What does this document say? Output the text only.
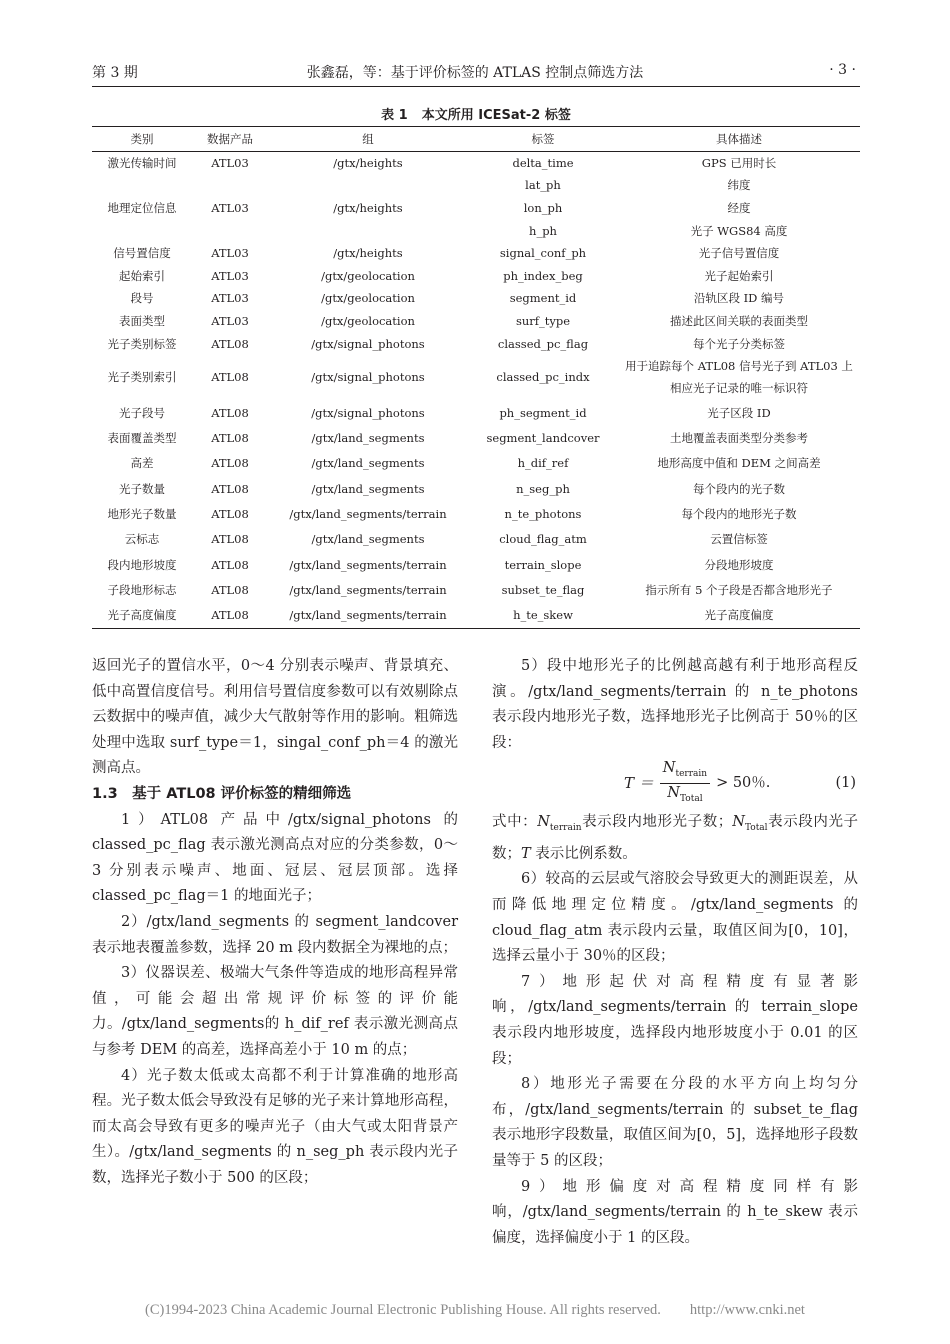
第 3 期	张鑫磊，等：基于评价标签的 ATLAS 控制点筛选方法	· 3 ·
表 1 本文所用 ICESat-2 标签
类别	数据产品	组	标签	具体描述
激光传输时间	ATL03	/gtx/heights	delta_time	GPS 已用时长
			lat_ph	纬度
地理定位信息	ATL03	/gtx/heights	lon_ph	经度
			h_ph	光子 WGS84 高度
信号置信度	ATL03	/gtx/heights	signal_conf_ph	光子信号置信度
起始索引	ATL03	/gtx/geolocation	ph_index_beg	光子起始索引
段号	ATL03	/gtx/geolocation	segment_id	沿轨区段 ID 编号
表面类型	ATL03	/gtx/geolocation	surf_type	描述此区间关联的表面类型
光子类别标签	ATL08	/gtx/signal_photons	classed_pc_flag	每个光子分类标签
光子类别索引	ATL08	/gtx/signal_photons	classed_pc_indx	用于追踪每个 ATL08 信号光子到 ATL03 上
相应光子记录的唯一标识符

光子段号	ATL08	/gtx/signal_photons	ph_segment_id	光子区段 ID
表面覆盖类型	ATL08	/gtx/land_segments	segment_landcover	土地覆盖表面类型分类参考
高差	ATL08	/gtx/land_segments	h_dif_ref	地形高度中值和 DEM 之间高差
光子数量	ATL08	/gtx/land_segments	n_seg_ph	每个段内的光子数
地形光子数量	ATL08	/gtx/land_segments/terrain	n_te_photons	每个段内的地形光子数
云标志	ATL08	/gtx/land_segments	cloud_flag_atm	云置信标签
段内地形坡度	ATL08	/gtx/land_segments/terrain	terrain_slope	分段地形坡度
子段地形标志	ATL08	/gtx/land_segments/terrain	subset_te_flag	指示所有 5 个子段是否都含地形光子
光子高度偏度	ATL08	/gtx/land_segments/terrain	h_te_skew	光子高度偏度

返回光子的置信水平，0～4 分别表示噪声、背景填充、低中高置信度信号。利用信号置信度参数可以有效剔除点云数据中的噪声值，减少大气散射等作用的影响。粗筛选处理中选取 surf_type＝1，singal_conf_ph＝4 的激光测高点。

1.3　基于 ATL08 评价标签的精细筛选

1）ATL08 产品中/gtx/signal_photons 的 classed_pc_flag 表示激光测高点对应的分类参数，0～3 分别表示噪声、地面、冠层、冠层顶部。选择 classed_pc_flag＝1 的地面光子；

2）/gtx/land_segments 的 segment_landcover 表示地表覆盖参数，选择 20 m 段内数据全为裸地的点；

3）仪器误差、极端大气条件等造成的地形高程异常值，可能会超出常规评价标签的评价能力。/gtx/land_segments的 h_dif_ref 表示激光测高点与参考 DEM 的高差，选择高差小于 10 m 的点；

4）光子数太低或太高都不利于计算准确的地形高程。光子数太低会导致没有足够的光子来计算地形高程，而太高会导致有更多的噪声光子（由大气或太阳背景产生）。/gtx/land_segments 的 n_seg_ph 表示段内光子数，选择光子数小于 500 的区段；

5）段中地形光子的比例越高越有利于地形高程反演。/gtx/land_segments/terrain 的 n_te_photons 表示段内地形光子数，选择地形光子比例高于 50％的区段：

$T = \frac{N_{terrain}}{N_{Total}} > 50$％.	(1)

式中：$N_{terrain}$表示段内地形光子数；$N_{Total}$表示段内光子数；T 表示比例系数。

6）较高的云层或气溶胶会导致更大的测距误差，从而降低地理定位精度。/gtx/land_segments 的 cloud_flag_atm 表示段内云量，取值区间为[0，10]，选择云量小于 30％的区段；

7）地形起伏对高程精度有显著影响，/gtx/land_segments/terrain 的 terrain_slope 表示段内地形坡度，选择段内地形坡度小于 0.01 的区段；

8）地形光子需要在分段的水平方向上均匀分布，/gtx/land_segments/terrain 的 subset_te_flag 表示地形字段数量，取值区间为[0，5]，选择地形子段数量等于 5 的区段；

9）地形偏度对高程精度同样有影响，/gtx/land_segments/terrain 的 h_te_skew 表示偏度，选择偏度小于 1 的区段。

(C)1994-2023 China Academic Journal Electronic Publishing House. All rights reserved.　　http://www.cnki.net
